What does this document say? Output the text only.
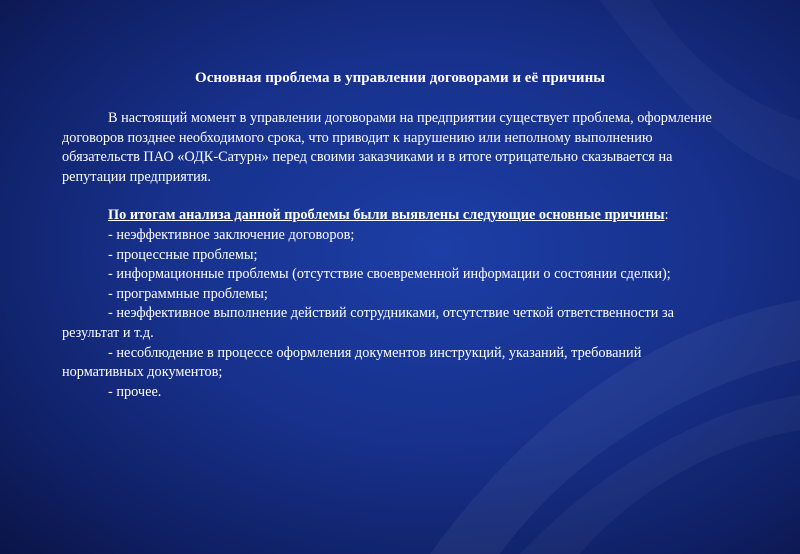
Основная проблема в управлении договорами и её причины

В настоящий момент в управлении договорами на предприятии существует проблема, оформление договоров позднее необходимого срока, что приводит к нарушению или неполному выполнению обязательств ПАО «ОДК-Сатурн» перед своими заказчиками и в итоге отрицательно сказывается на репутации предприятия.

По итогам анализа данной проблемы были выявлены следующие основные причины:

- неэффективное заключение договоров;

- процессные проблемы;

- информационные проблемы (отсутствие своевременной информации о состоянии сделки);

- программные проблемы;

- неэффективное выполнение действий сотрудниками, отсутствие четкой ответственности за результат и т.д.

- несоблюдение в процессе оформления документов инструкций, указаний, требований нормативных документов;

- прочее.
